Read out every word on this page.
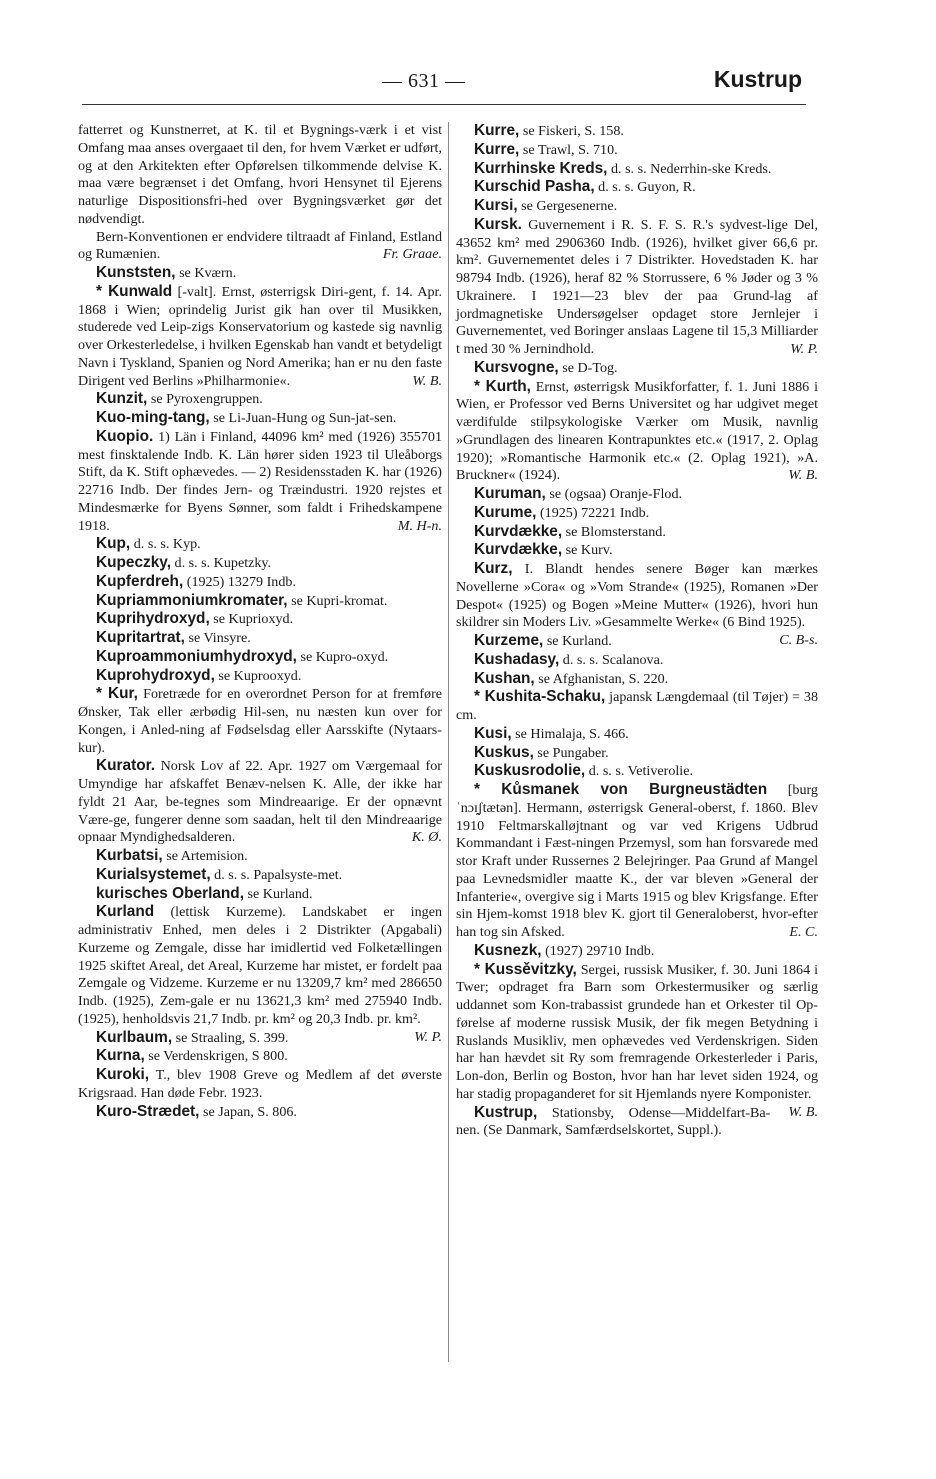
— 631 —	Kustrup

fatterret og Kunstnerret, at K. til et Bygnings-værk i et vist Omfang maa anses overgaaet til den, for hvem Værket er udført, og at den Arkitekten efter Opførelsen tilkommende delvise K. maa være begrænset i det Omfang, hvori Hensynet til Ejerens naturlige Dispositionsfri-hed over Bygningsværket gør det nødvendigt.

Bern-Konventionen er endvidere tiltraadt af Finland, Estland og Rumænien.	Fr. Graae.

Kunststen, se Kværn.

* Kunwald [-valt]. Ernst, østerrigsk Diri-gent, f. 14. Apr. 1868 i Wien; oprindelig Jurist gik han over til Musikken, studerede ved Leip-zigs Konservatorium og kastede sig navnlig over Orkesterledelse, i hvilken Egenskab han vandt et betydeligt Navn i Tyskland, Spanien og Nord Amerika; han er nu den faste Dirigent ved Berlins »Philharmonie«.	W. B.

Kunzit, se Pyroxengruppen.

Kuo-ming-tang, se Li-Juan-Hung og Sun-jat-sen.

Kuopio. 1) Län i Finland, 44096 km² med (1926) 355701 mest finsktalende Indb. K. Län hører siden 1923 til Uleåborgs Stift, da K. Stift ophævedes. — 2) Residensstaden K. har (1926) 22716 Indb. Der findes Jern- og Træindustri. 1920 rejstes et Mindesmærke for Byens Sønner, som faldt i Frihedskampene 1918.	M. H-n.

Kup, d. s. s. Kyp.

Kupeczky, d. s. s. Kupetzky.

Kupferdreh, (1925) 13279 Indb.

Kupriammoniumkromater, se Kupri-kromat.

Kuprihydroxyd, se Kuprioxyd.

Kupritartrat, se Vinsyre.

Kuproammoniumhydroxyd, se Kupro-oxyd.

Kuprohydroxyd, se Kuprooxyd.

* Kur, Foretræde for en overordnet Person for at fremføre Ønsker, Tak eller ærbødig Hil-sen, nu næsten kun over for Kongen, i Anled-ning af Fødselsdag eller Aarsskifte (Nytaars-kur).

Kurator. Norsk Lov af 22. Apr. 1927 om Værgemaal for Umyndige har afskaffet Benæv-nelsen K. Alle, der ikke har fyldt 21 Aar, be-tegnes som Mindreaarige. Er der opnævnt Være-ge, fungerer denne som saadan, helt til den Mindreaarige opnaar Myndighedsalderen.	K. Ø.

Kurbatsi, se Artemision.

Kurialsystemet, d. s. s. Papalsyste-met.

kurisches Oberland, se Kurland.

Kurland (lettisk Kurzeme). Landskabet er ingen administrativ Enhed, men deles i 2 Distrikter (Apgabali) Kurzeme og Zemgale, disse har imidlertid ved Folketællingen 1925 skiftet Areal, det Areal, Kurzeme har mistet, er fordelt paa Zemgale og Vidzeme. Kurzeme er nu 13209,7 km² med 286650 Indb. (1925), Zem-gale er nu 13621,3 km² med 275940 Indb. (1925), henholdsvis 21,7 Indb. pr. km² og 20,3 Indb. pr. km².
W. P.

Kurlbaum, se Straaling, S. 399.

Kurna, se Verdenskrigen, S 800.

Kuroki, T., blev 1908 Greve og Medlem af det øverste Krigsraad. Han døde Febr. 1923.

Kuro-Strædet, se Japan, S. 806.

Kurre, se Fiskeri, S. 158.

Kurre, se Trawl, S. 710.

Kurrhinske Kreds, d. s. s. Nederrhin-ske Kreds.

Kurschid Pasha, d. s. s. Guyon, R.

Kursi, se Gergesenerne.

Kursk. Guvernement i R. S. F. S. R.'s sydvest-lige Del, 43652 km² med 2906360 Indb. (1926), hvilket giver 66,6 pr. km². Guvernementet deles i 7 Distrikter. Hovedstaden K. har 98794 Indb. (1926), heraf 82 % Storrussere, 6 % Jøder og 3 % Ukrainere. I 1921—23 blev der paa Grund-lag af jordmagnetiske Undersøgelser opdaget store Jernlejer i Guvernementet, ved Boringer anslaas Lagene til 15,3 Milliarder t med 30 % Jernindhold.	W. P.

Kursvogne, se D-Tog.

* Kurth, Ernst, østerrigsk Musikforfatter, f. 1. Juni 1886 i Wien, er Professor ved Berns Universitet og har udgivet meget værdifulde stilpsykologiske Værker om Musik, navnlig »Grundlagen des linearen Kontrapunktes etc.« (1917, 2. Oplag 1920); »Romantische Harmonik etc.« (2. Oplag 1921), »A. Bruckner« (1924).	W. B.

Kuruman, se (ogsaa) Oranje-Flod.

Kurume, (1925) 72221 Indb.

Kurvdække, se Blomsterstand.

Kurvdække, se Kurv.

Kurz, I. Blandt hendes senere Bøger kan mærkes Novellerne »Cora« og »Vom Strande« (1925), Romanen »Der Despot« (1925) og Bogen »Meine Mutter« (1926), hvori hun skildrer sin Moders Liv. »Gesammelte Werke« (6 Bind 1925).
C. B-s.

Kurzeme, se Kurland.

Kushadasy, d. s. s. Scalanova.

Kushan, se Afghanistan, S. 220.

* Kushita-Schaku, japansk Længdemaal (til Tøjer) = 38 cm.

Kusi, se Himalaja, S. 466.

Kuskus, se Pungaber.

Kuskusrodolie, d. s. s. Vetiverolie.

* Kůsmanek von Burgneustädten [burg ˈnɔɪ̯ʃtætən]. Hermann, østerrigsk General-oberst, f. 1860. Blev 1910 Feltmarskalløjtnant og var ved Krigens Udbrud Kommandant i Fæst-ningen Przemysl, som han forsvarede med stor Kraft under Russernes 2 Belejringer. Paa Grund af Mangel paa Levnedsmidler maatte K., der var bleven »General der Infanterie«, overgive sig i Marts 1915 og blev Krigsfange. Efter sin Hjem-komst 1918 blev K. gjort til Generaloberst, hvor-efter han tog sin Afsked.	E. C.

Kusnezk, (1927) 29710 Indb.

* Kussěvitzky, Sergei, russisk Musiker, f. 30. Juni 1864 i Twer; opdraget fra Barn som Orkestermusiker og særlig uddannet som Kon-trabassist grundede han et Orkester til Op-førelse af moderne russisk Musik, der fik megen Betydning i Ruslands Musikliv, men ophævedes ved Verdenskrigen. Siden har han hævdet sit Ry som fremragende Orkesterleder i Paris, Lon-don, Berlin og Boston, hvor han har levet siden 1924, og har stadig propaganderet for sit Hjemlands nyere Komponister.
W. B.

Kustrup, Stationsby, Odense—Middelfart-Ba-nen. (Se Danmark, Samfærdselskortet, Suppl.).
